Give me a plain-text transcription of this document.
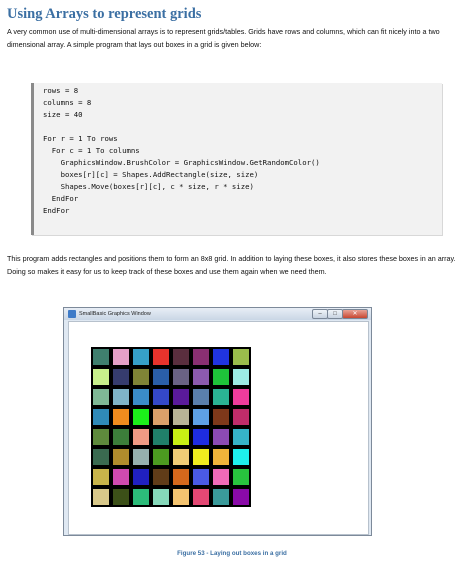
Using Arrays to represent grids
A very common use of multi-dimensional arrays is to represent grids/tables. Grids have rows and columns, which can fit nicely into a two dimensional array. A simple program that lays out boxes in a grid is given below:
rows = 8
columns = 8
size = 40
For r = 1 To rows
For c = 1 To columns
GraphicsWindow.BrushColor = GraphicsWindow.GetRandomColor()
boxes[r][c] = Shapes.AddRectangle(size, size)
Shapes.Move(boxes[r][c], c * size, r * size)
EndFor
EndFor
This program adds rectangles and positions them to form an 8x8 grid. In addition to laying these boxes, it also stores these boxes in an array. Doing so makes it easy for us to keep track of these boxes and use them again when we need them.
SmallBasic Graphics Window	–	□	✕
Figure 53 - Laying out boxes in a grid
